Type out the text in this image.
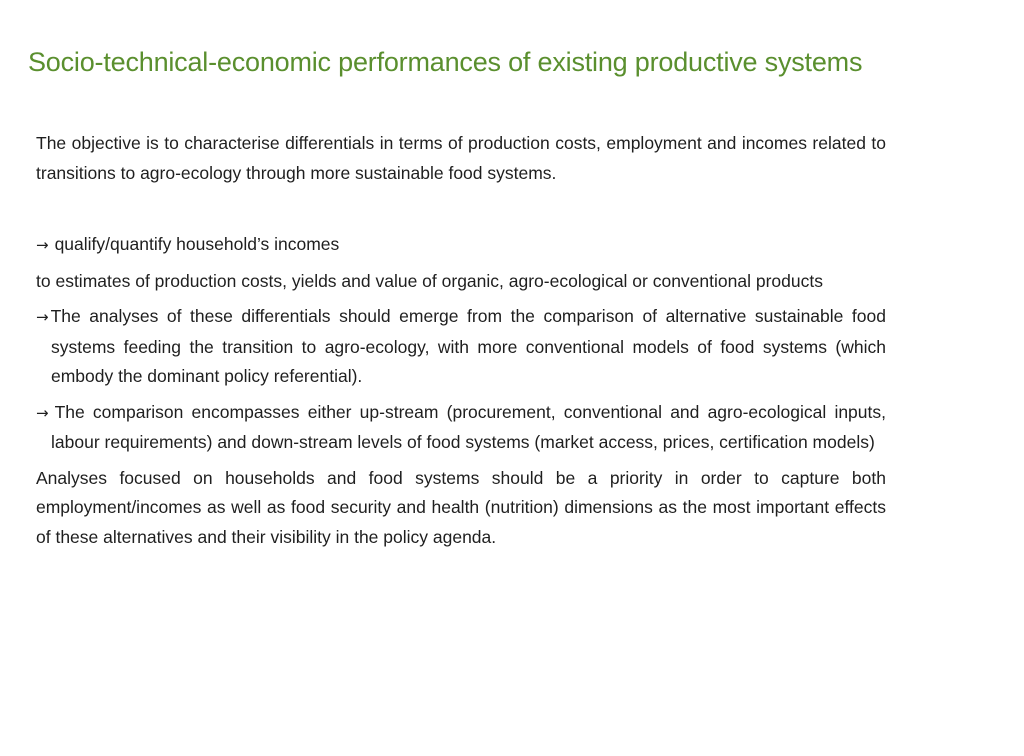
Socio-technical-economic performances of existing productive systems

The objective is to characterise differentials in terms of production costs, employment and incomes related to transitions to agro-ecology through more sustainable food systems.

→ qualify/quantify household’s incomes

to estimates of production costs, yields and value of organic, agro-ecological or conventional products

→ The analyses of these differentials should emerge from the comparison of alternative sustainable food systems feeding the transition to agro-ecology, with more conventional models of food systems (which embody the dominant policy referential).

→ The comparison encompasses either up-stream (procurement, conventional and agro-ecological inputs, labour requirements) and down-stream levels of food systems (market access, prices, certification models)

Analyses focused on households and food systems should be a priority in order to capture both employment/incomes as well as food security and health (nutrition) dimensions as the most important effects of these alternatives and their visibility in the policy agenda.
